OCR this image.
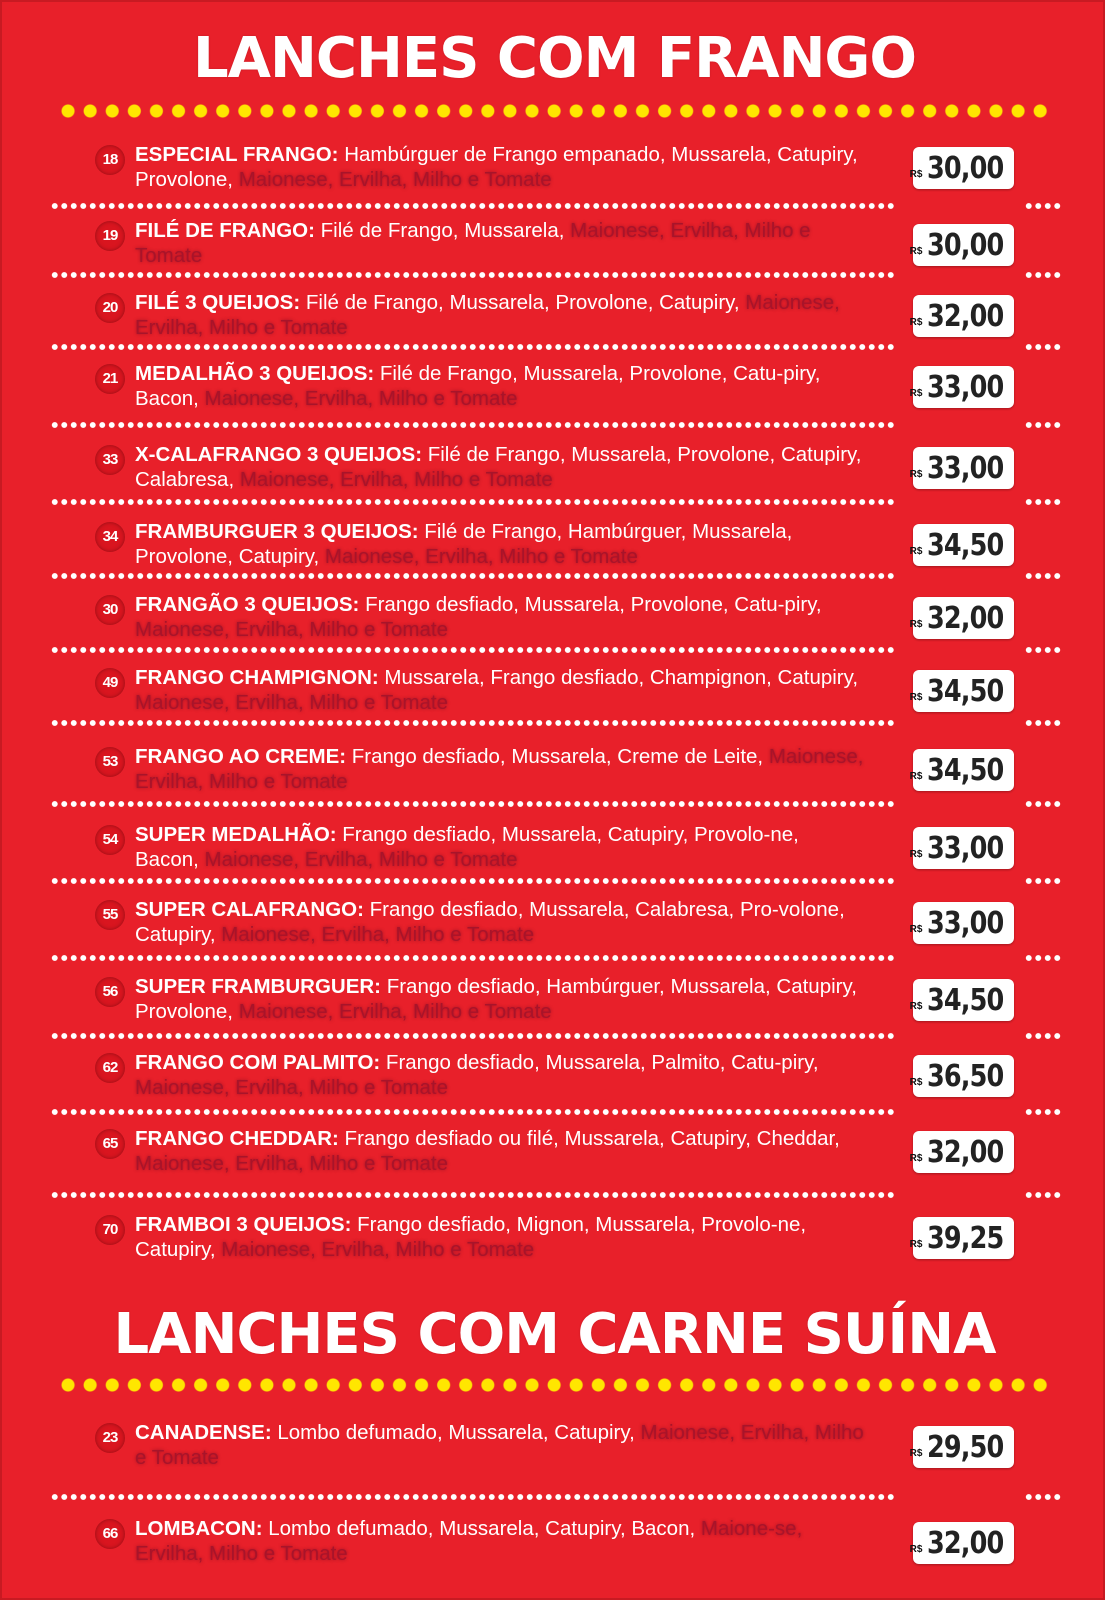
LANCHES COM FRANGO
18 ESPECIAL FRANGO: Hambúrguer de Frango empanado, Mussarela, Catupiry, Provolone, Maionese, Ervilha, Milho e Tomate	R$ 30,00
19 FILÉ DE FRANGO: Filé de Frango, Mussarela, Maionese, Ervilha, Milho e Tomate	R$ 30,00
20 FILÉ 3 QUEIJOS: Filé de Frango, Mussarela, Provolone, Catupiry, Maionese, Ervilha, Milho e Tomate	R$ 32,00
21 MEDALHÃO 3 QUEIJOS: Filé de Frango, Mussarela, Provolone, Catu-piry, Bacon, Maionese, Ervilha, Milho e Tomate	R$ 33,00
33 X-CALAFRANGO 3 QUEIJOS: Filé de Frango, Mussarela, Provolone, Catupiry, Calabresa, Maionese, Ervilha, Milho e Tomate	R$ 33,00
34 FRAMBURGUER 3 QUEIJOS: Filé de Frango, Hambúrguer, Mussarela, Provolone, Catupiry, Maionese, Ervilha, Milho e Tomate	R$ 34,50
30 FRANGÃO 3 QUEIJOS: Frango desfiado, Mussarela, Provolone, Catu-piry, Maionese, Ervilha, Milho e Tomate	R$ 32,00
49 FRANGO CHAMPIGNON: Mussarela, Frango desfiado, Champignon, Catupiry, Maionese, Ervilha, Milho e Tomate	R$ 34,50
53 FRANGO AO CREME: Frango desfiado, Mussarela, Creme de Leite, Maionese, Ervilha, Milho e Tomate	R$ 34,50
54 SUPER MEDALHÃO: Frango desfiado, Mussarela, Catupiry, Provolo-ne, Bacon, Maionese, Ervilha, Milho e Tomate	R$ 33,00
55 SUPER CALAFRANGO: Frango desfiado, Mussarela, Calabresa, Pro-volone, Catupiry, Maionese, Ervilha, Milho e Tomate	R$ 33,00
56 SUPER FRAMBURGUER: Frango desfiado, Hambúrguer, Mussarela, Catupiry, Provolone, Maionese, Ervilha, Milho e Tomate	R$ 34,50
62 FRANGO COM PALMITO: Frango desfiado, Mussarela, Palmito, Catu-piry, Maionese, Ervilha, Milho e Tomate	R$ 36,50
65 FRANGO CHEDDAR: Frango desfiado ou filé, Mussarela, Catupiry, Cheddar, Maionese, Ervilha, Milho e Tomate	R$ 32,00
70 FRAMBOI 3 QUEIJOS: Frango desfiado, Mignon, Mussarela, Provolo-ne, Catupiry, Maionese, Ervilha, Milho e Tomate	R$ 39,25
LANCHES COM CARNE SUÍNA
23 CANADENSE: Lombo defumado, Mussarela, Catupiry, Maionese, Ervilha, Milho e Tomate	R$ 29,50
66 LOMBACON: Lombo defumado, Mussarela, Catupiry, Bacon, Maione-se, Ervilha, Milho e Tomate	R$ 32,00
